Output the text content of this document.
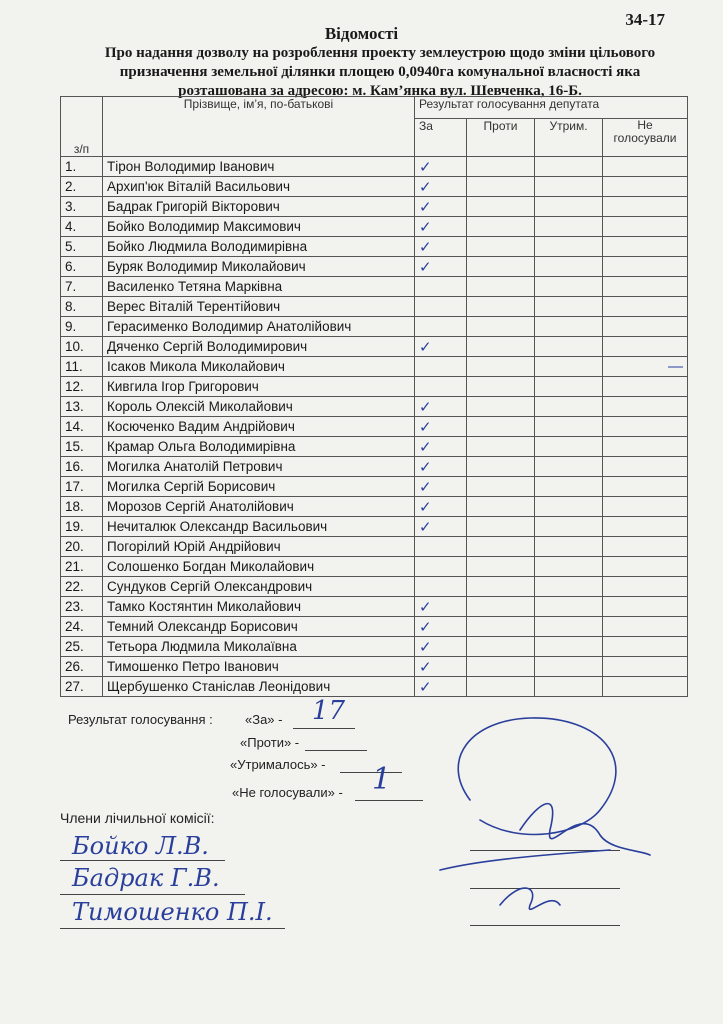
34-17
Відомості
Про надання дозволу на розроблення проекту землеустрою щодо зміни цільового призначення земельної ділянки площею 0,0940га комунальної власності яка розташована за адресою: м. Кам’янка вул. Шевченка, 16-Б.
з/п	Прізвище, ім’я, по-батькові	Результат голосування депутата			
		За	Проти	Утрим.	Не голосували
1.	Тірон Володимир Іванович	✓			
2.	Архип'юк Віталій Васильович	✓			
3.	Бадрак Григорій Вікторович	✓			
4.	Бойко Володимир Максимович	✓			
5.	Бойко Людмила Володимирівна	✓			
6.	Буряк Володимир Миколайович	✓			
7.	Василенко Тетяна Марківна				
8.	Верес Віталій Терентійович				
9.	Герасименко Володимир Анатолійович				
10.	Дяченко Сергій Володимирович	✓			
11.	Ісаков Микола Миколайович				—
12.	Кивгила Ігор Григорович				
13.	Король Олексій Миколайович	✓			
14.	Косюченко Вадим Андрійович	✓			
15.	Крамар Ольга Володимирівна	✓			
16.	Могилка Анатолій Петрович	✓			
17.	Могилка Сергій Борисович	✓			
18.	Морозов Сергій Анатолійович	✓			
19.	Нечиталюк Олександр Васильович	✓			
20.	Погорілий Юрій Андрійович				
21.	Солошенко Богдан Миколайович				
22.	Сундуков Сергій Олександрович				
23.	Тамко Костянтин Миколайович	✓			
24.	Темний Олександр Борисович	✓			
25.	Тетьора Людмила Миколаївна	✓			
26.	Тимошенко Петро Іванович	✓			
27.	Щербушенко Станіслав Леонідович	✓			
Результат голосування : «За» - 17
«Проти» -
«Утрималось» -
«Не голосували» - 1
Члени лічильної комісії:
Бойко Л.В.
Бадрак Г.В.
Тимошенко П.І.
